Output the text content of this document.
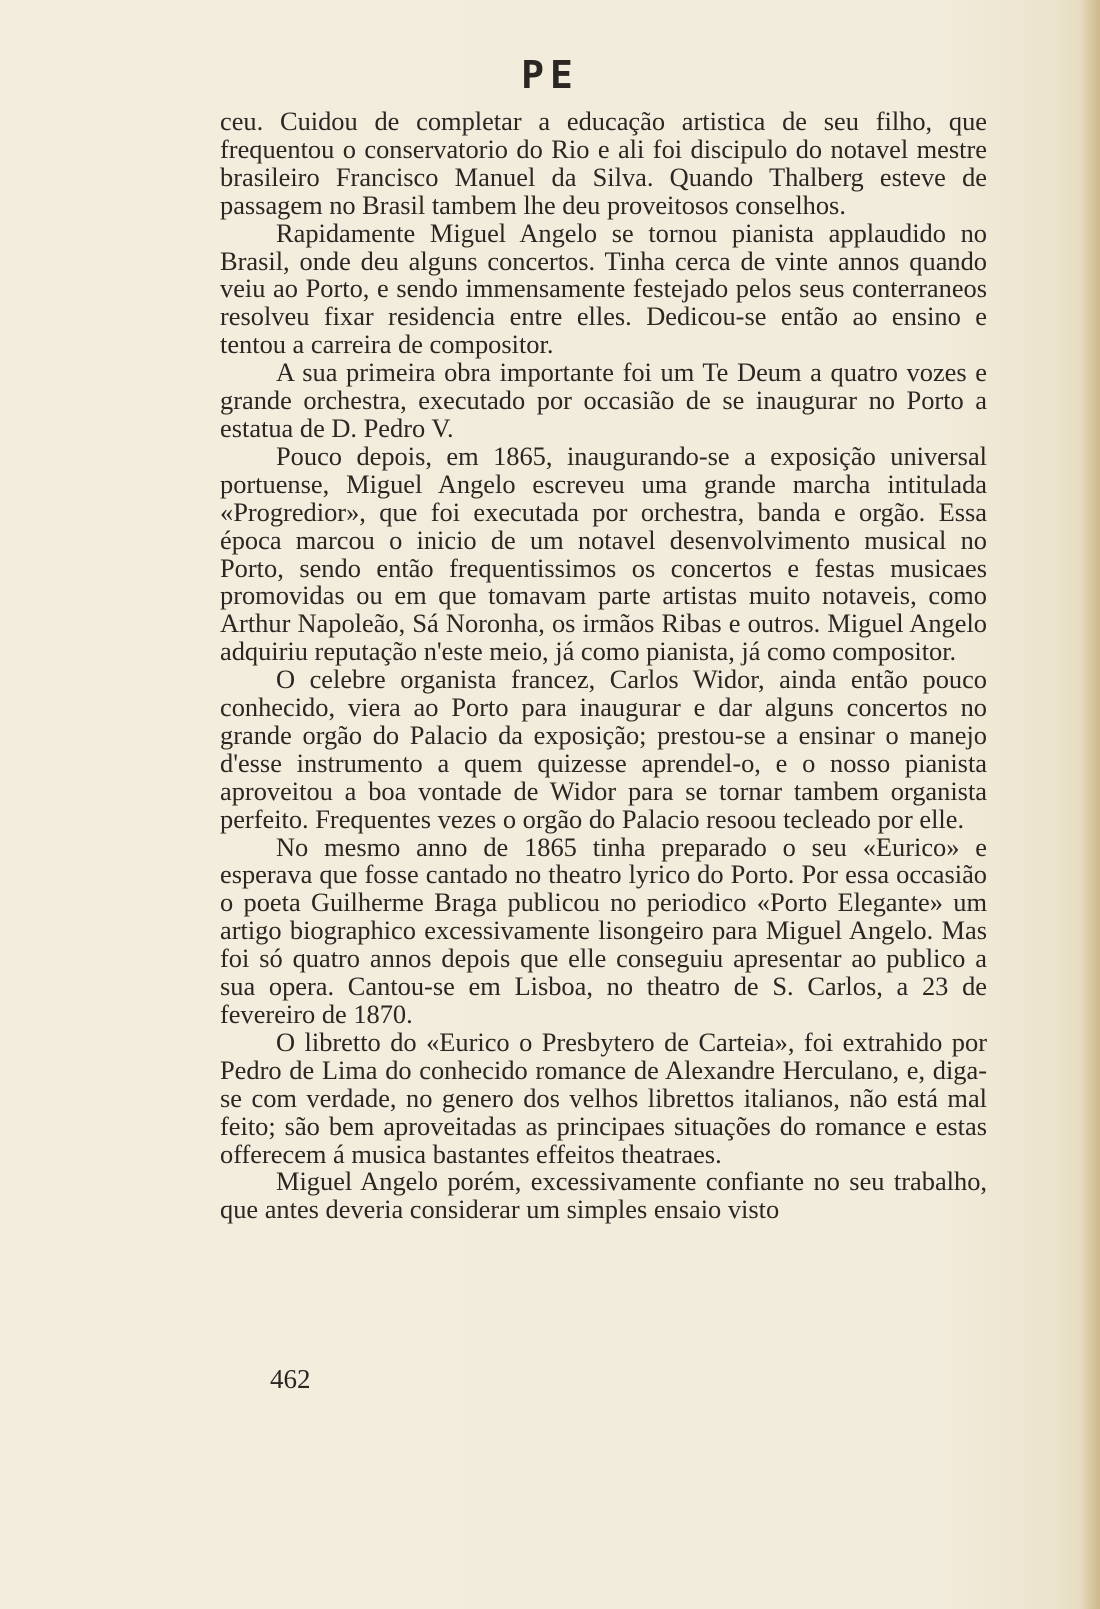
PE

ceu. Cuidou de completar a educação artistica de seu filho, que frequentou o conservatorio do Rio e ali foi discipulo do notavel mestre brasileiro Francisco Manuel da Silva. Quando Thalberg esteve de passagem no Brasil tambem lhe deu proveitosos conselhos.

Rapidamente Miguel Angelo se tornou pianista applaudido no Brasil, onde deu alguns concertos. Tinha cerca de vinte annos quando veiu ao Porto, e sendo immensamente festejado pelos seus conterraneos resolveu fixar residencia entre elles. Dedicou-se então ao ensino e tentou a carreira de compositor.

A sua primeira obra importante foi um Te Deum a quatro vozes e grande orchestra, executado por occasião de se inaugurar no Porto a estatua de D. Pedro V.

Pouco depois, em 1865, inaugurando-se a exposição universal portuense, Miguel Angelo escreveu uma grande marcha intitulada «Progredior», que foi executada por orchestra, banda e orgão. Essa época marcou o inicio de um notavel desenvolvimento musical no Porto, sendo então frequentissimos os concertos e festas musicaes promovidas ou em que tomavam parte artistas muito notaveis, como Arthur Napoleão, Sá Noronha, os irmãos Ribas e outros. Miguel Angelo adquiriu reputação n'este meio, já como pianista, já como compositor.

O celebre organista francez, Carlos Widor, ainda então pouco conhecido, viera ao Porto para inaugurar e dar alguns concertos no grande orgão do Palacio da exposição; prestou-se a ensinar o manejo d'esse instrumento a quem quizesse aprendel-o, e o nosso pianista aproveitou a boa vontade de Widor para se tornar tambem organista perfeito. Frequentes vezes o orgão do Palacio resoou tecleado por elle.

No mesmo anno de 1865 tinha preparado o seu «Eurico» e esperava que fosse cantado no theatro lyrico do Porto. Por essa occasião o poeta Guilherme Braga publicou no periodico «Porto Elegante» um artigo biographico excessivamente lisongeiro para Miguel Angelo. Mas foi só quatro annos depois que elle conseguiu apresentar ao publico a sua opera. Cantou-se em Lisboa, no theatro de S. Carlos, a 23 de fevereiro de 1870.

O libretto do «Eurico o Presbytero de Carteia», foi extrahido por Pedro de Lima do conhecido romance de Alexandre Herculano, e, diga-se com verdade, no genero dos velhos librettos italianos, não está mal feito; são bem aproveitadas as principaes situações do romance e estas offerecem á musica bastantes effeitos theatraes.

Miguel Angelo porém, excessivamente confiante no seu trabalho, que antes deveria considerar um simples ensaio visto

462
